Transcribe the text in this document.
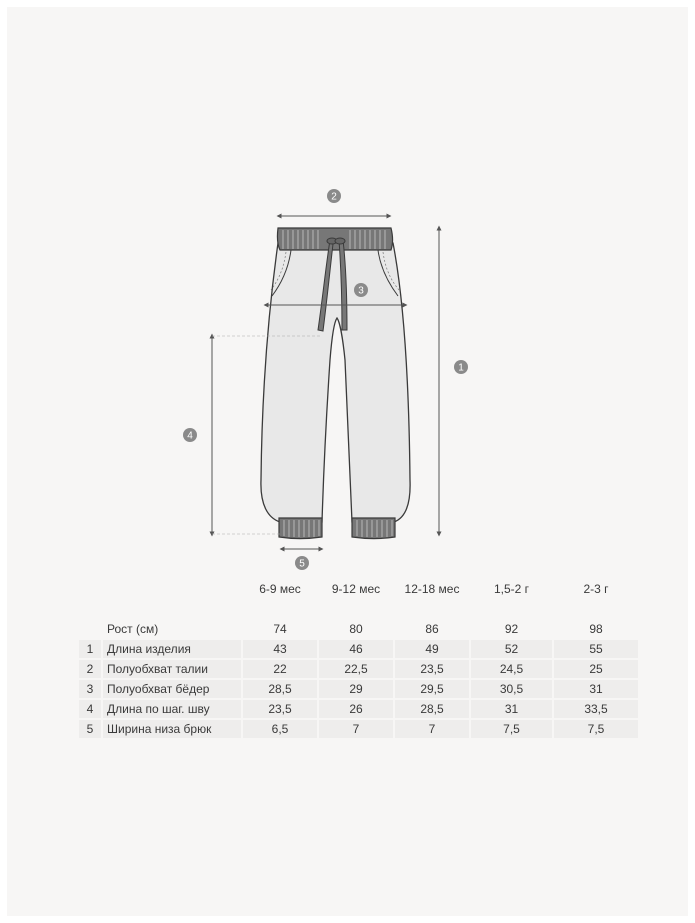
1
2
3
4
5
		6-9 мес	9-12 мес	12-18 мес	1,5-2 г	2-3 г

	Рост (см)	74	80	86	92	98
1	Длина изделия	43	46	49	52	55
2	Полуобхват талии	22	22,5	23,5	24,5	25
3	Полуобхват бёдер	28,5	29	29,5	30,5	31
4	Длина по шаг. шву	23,5	26	28,5	31	33,5
5	Ширина низа брюк	6,5	7	7	7,5	7,5
